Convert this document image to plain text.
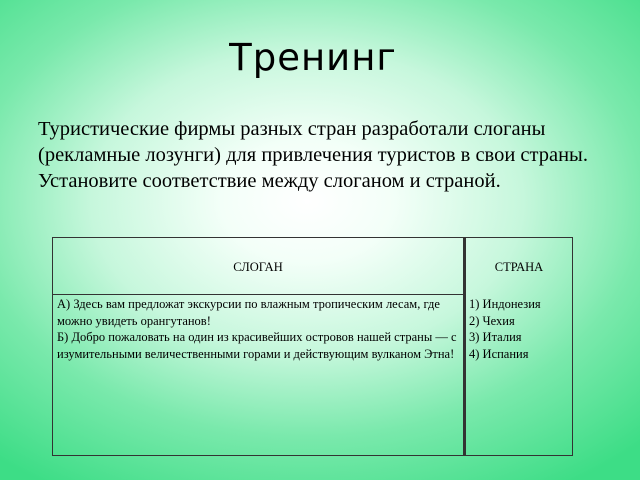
Тренинг
Туристические фирмы разных стран разработали слоганы (рекламные лозунги) для привлечения туристов в свои страны. Установите соответствие между слоганом и страной.
СЛОГАН	СТРАНА

А) Здесь вам предложат экскурсии по влажным тропическим лесам, где можно увидеть орангутанов!

Б) Добро пожаловать на один из красивейших островов нашей страны — с изумительными величественными горами и действующим вулканом Этна!

1) Индонезия

2) Чехия

3) Италия

4) Испания
